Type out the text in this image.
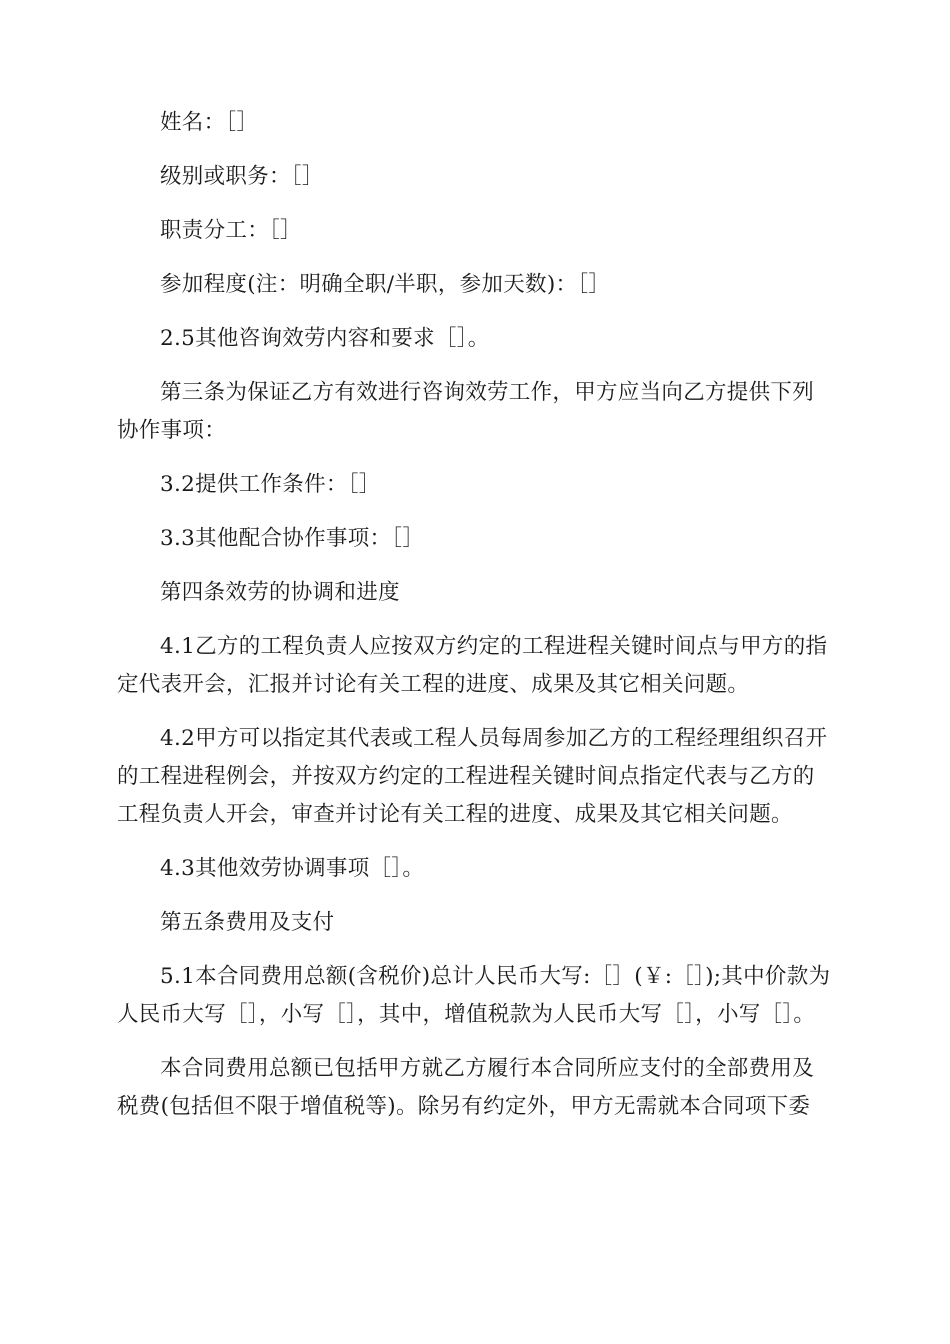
姓名：［］

级别或职务：［］

职责分工：［］

参加程度(注：明确全职/半职，参加天数)：［］

2.5其他咨询效劳内容和要求［］。

第三条为保证乙方有效进行咨询效劳工作，甲方应当向乙方提供下列协作事项：

3.2提供工作条件：［］

3.3其他配合协作事项：［］

第四条效劳的协调和进度

4.1乙方的工程负责人应按双方约定的工程进程关键时间点与甲方的指定代表开会，汇报并讨论有关工程的进度、成果及其它相关问题。

4.2甲方可以指定其代表或工程人员每周参加乙方的工程经理组织召开的工程进程例会，并按双方约定的工程进程关键时间点指定代表与乙方的工程负责人开会，审查并讨论有关工程的进度、成果及其它相关问题。

4.3其他效劳协调事项［］。

第五条费用及支付

5.1本合同费用总额(含税价)总计人民币大写:［］(￥:［］);其中价款为人民币大写［］，小写［］，其中，增值税款为人民币大写［］，小写［］。

本合同费用总额已包括甲方就乙方履行本合同所应支付的全部费用及税费(包括但不限于增值税等)。除另有约定外，甲方无需就本合同项下委
